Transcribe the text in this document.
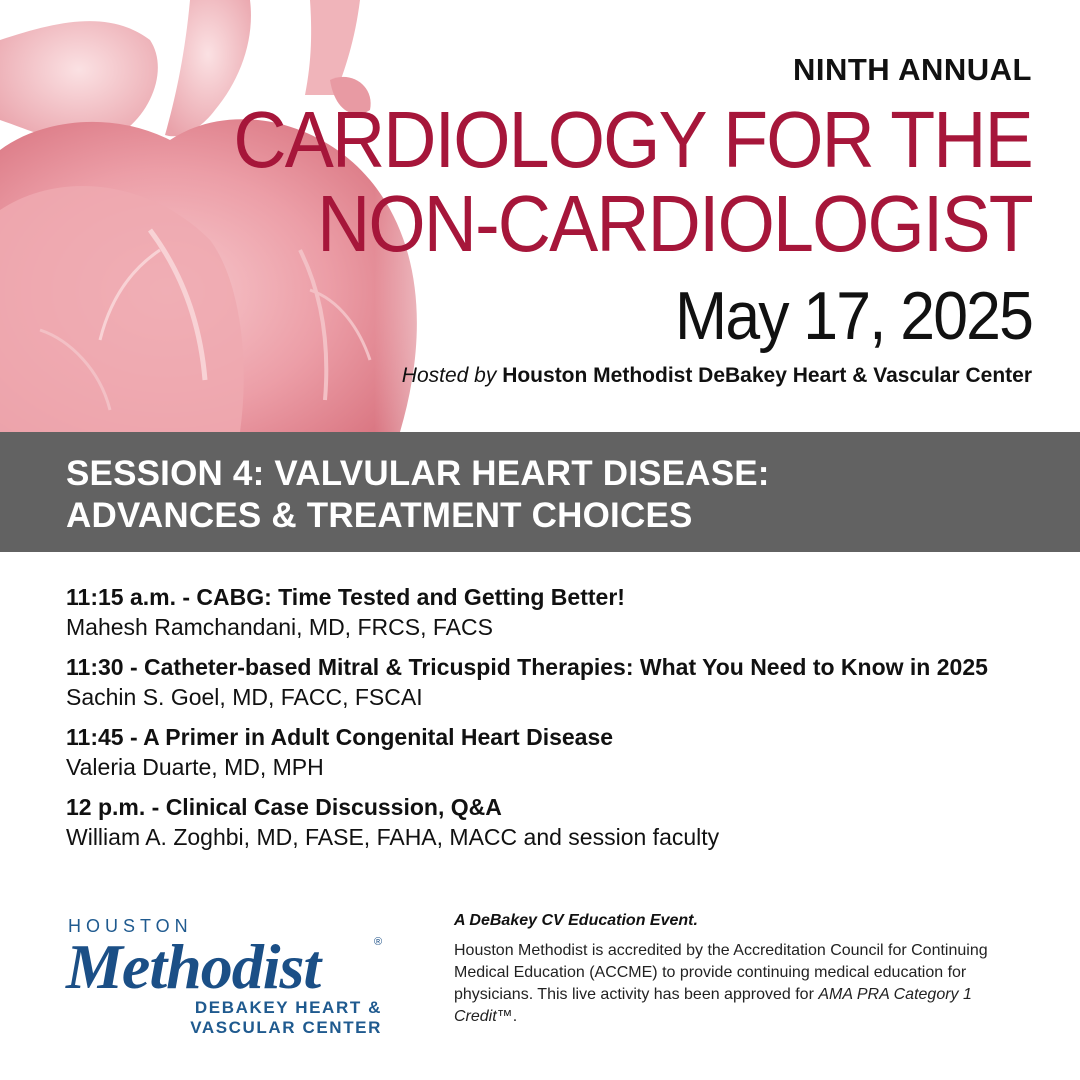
NINTH ANNUAL
CARDIOLOGY FOR THE
NON-CARDIOLOGIST
May 17, 2025
Hosted by Houston Methodist DeBakey Heart & Vascular Center
SESSION 4: VALVULAR HEART DISEASE:
ADVANCES & TREATMENT CHOICES
11:15 a.m. - CABG: Time Tested and Getting Better!
Mahesh Ramchandani, MD, FRCS, FACS
11:30 - Catheter-based Mitral & Tricuspid Therapies: What You Need to Know in 2025
Sachin S. Goel, MD, FACC, FSCAI
11:45 - A Primer in Adult Congenital Heart Disease
Valeria Duarte, MD, MPH
12 p.m. - Clinical Case Discussion, Q&A
William A. Zoghbi, MD, FASE, FAHA, MACC and session faculty
HOUSTON
Methodist	®
DEBAKEY HEART &
VASCULAR CENTER
A DeBakey CV Education Event.
Houston Methodist is accredited by the Accreditation Council for Continuing Medical Education (ACCME) to provide continuing medical education for physicians. This live activity has been approved for AMA PRA Category 1 Credit™.
